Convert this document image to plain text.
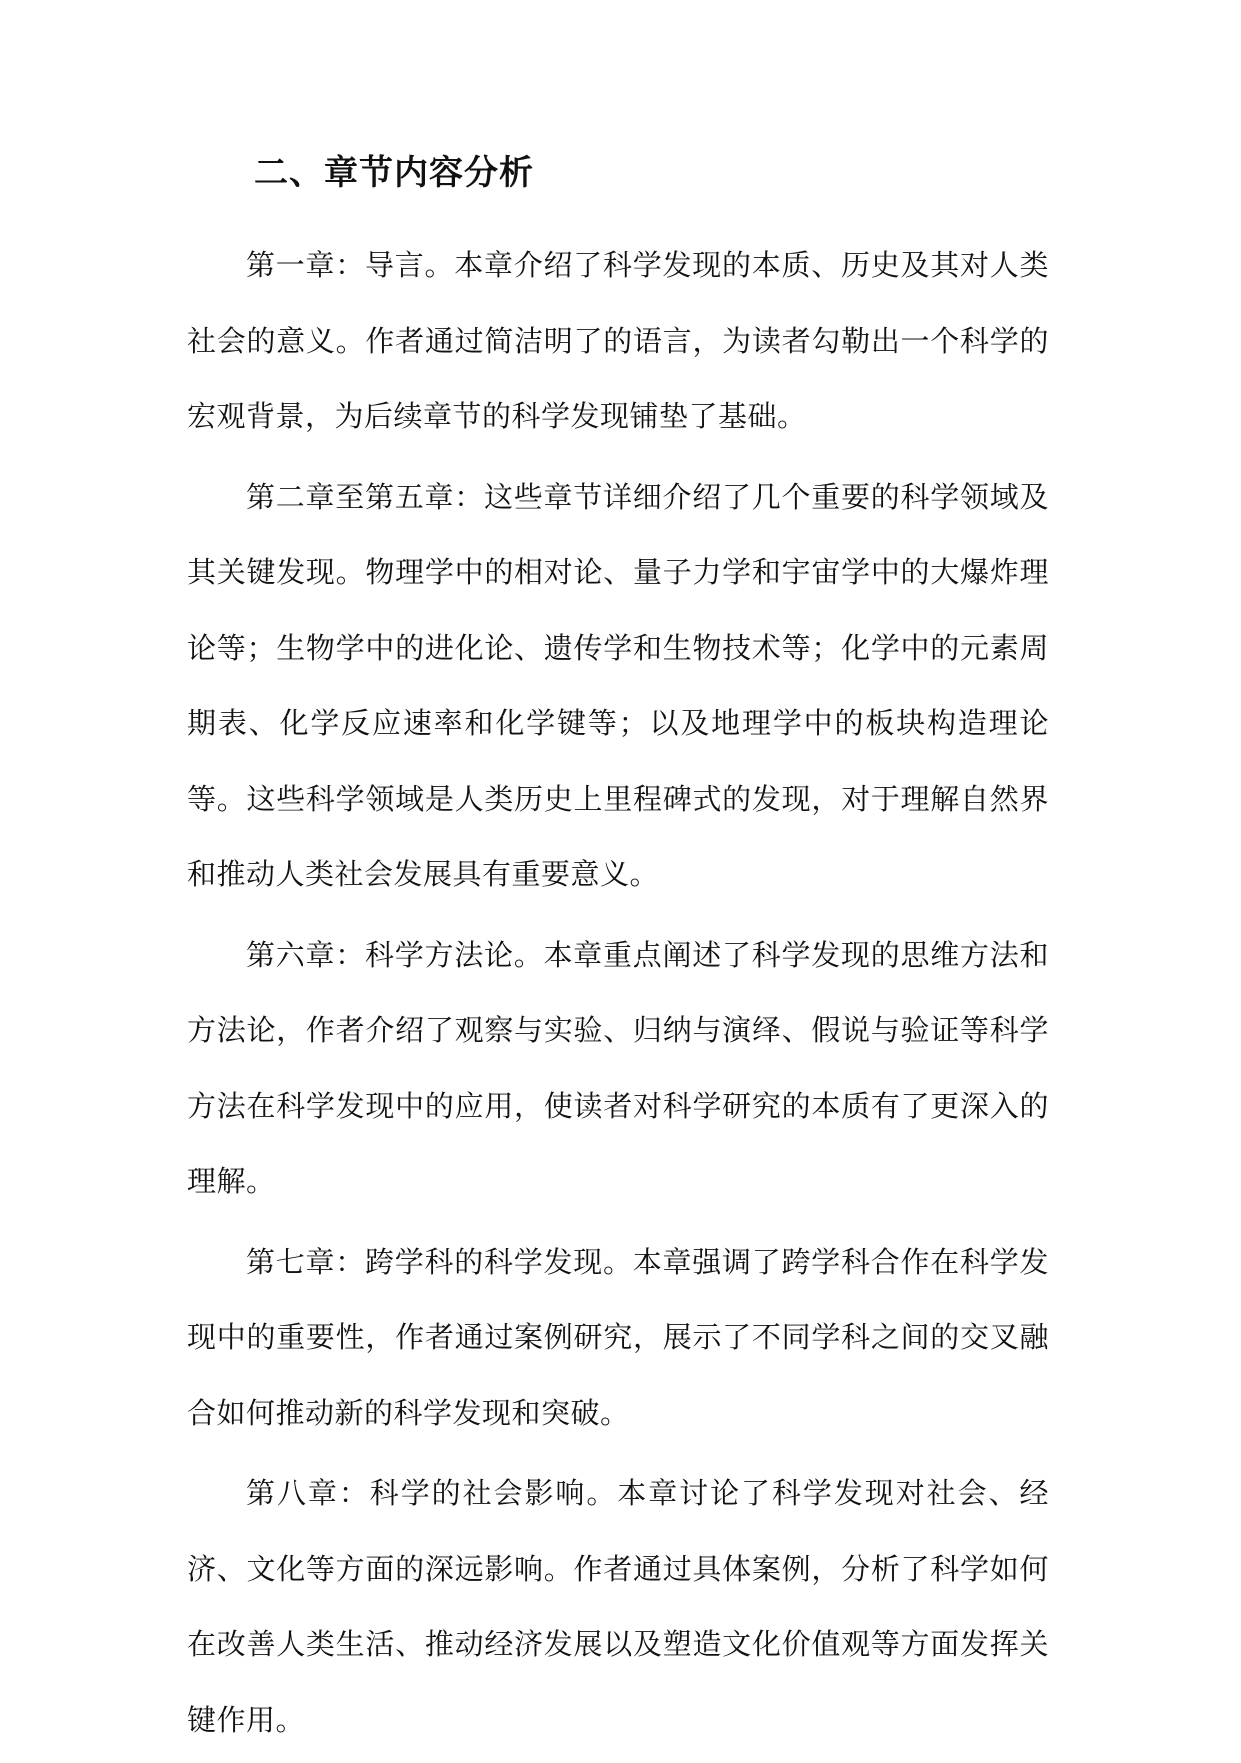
二、章节内容分析

第一章：导言。本章介绍了科学发现的本质、历史及其对人类社会的意义。作者通过简洁明了的语言，为读者勾勒出一个科学的宏观背景，为后续章节的科学发现铺垫了基础。

第二章至第五章：这些章节详细介绍了几个重要的科学领域及其关键发现。物理学中的相对论、量子力学和宇宙学中的大爆炸理论等；生物学中的进化论、遗传学和生物技术等；化学中的元素周期表、化学反应速率和化学键等；以及地理学中的板块构造理论等。这些科学领域是人类历史上里程碑式的发现，对于理解自然界和推动人类社会发展具有重要意义。

第六章：科学方法论。本章重点阐述了科学发现的思维方法和方法论，作者介绍了观察与实验、归纳与演绎、假说与验证等科学方法在科学发现中的应用，使读者对科学研究的本质有了更深入的理解。

第七章：跨学科的科学发现。本章强调了跨学科合作在科学发现中的重要性，作者通过案例研究，展示了不同学科之间的交叉融合如何推动新的科学发现和突破。

第八章：科学的社会影响。本章讨论了科学发现对社会、经济、文化等方面的深远影响。作者通过具体案例，分析了科学如何在改善人类生活、推动经济发展以及塑造文化价值观等方面发挥关键作用。
